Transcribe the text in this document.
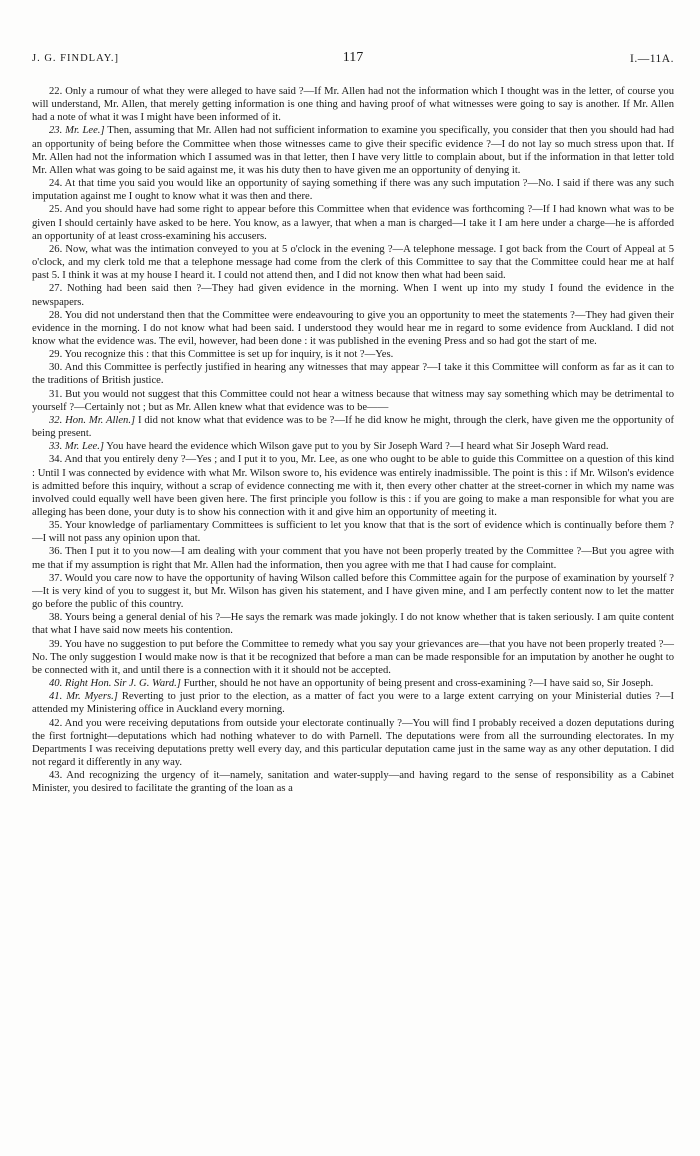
J. G. FINDLAY.]	117	I.—11A.

22. Only a rumour of what they were alleged to have said ?—If Mr. Allen had not the information which I thought was in the letter, of course you will understand, Mr. Allen, that merely getting information is one thing and having proof of what witnesses were going to say is another. If Mr. Allen had a note of what it was I might have been informed of it.

23. Mr. Lee.] Then, assuming that Mr. Allen had not sufficient information to examine you specifically, you consider that then you should had had an opportunity of being before the Committee when those witnesses came to give their specific evidence ?—I do not lay so much stress upon that. If Mr. Allen had not the information which I assumed was in that letter, then I have very little to complain about, but if the information in that letter told Mr. Allen what was going to be said against me, it was his duty then to have given me an opportunity of denying it.

24. At that time you said you would like an opportunity of saying something if there was any such imputation ?—No. I said if there was any such imputation against me I ought to know what it was then and there.

25. And you should have had some right to appear before this Committee when that evidence was forthcoming ?—If I had known what was to be given I should certainly have asked to be here. You know, as a lawyer, that when a man is charged—I take it I am here under a charge—he is afforded an opportunity of at least cross-examining his accusers.

26. Now, what was the intimation conveyed to you at 5 o'clock in the evening ?—A telephone message. I got back from the Court of Appeal at 5 o'clock, and my clerk told me that a telephone message had come from the clerk of this Committee to say that the Committee could hear me at half past 5. I think it was at my house I heard it. I could not attend then, and I did not know then what had been said.

27. Nothing had been said then ?—They had given evidence in the morning. When I went up into my study I found the evidence in the newspapers.

28. You did not understand then that the Committee were endeavouring to give you an opportunity to meet the statements ?—They had given their evidence in the morning. I do not know what had been said. I understood they would hear me in regard to some evidence from Auckland. I did not know what the evidence was. The evil, however, had been done : it was published in the evening Press and so had got the start of me.

29. You recognize this : that this Committee is set up for inquiry, is it not ?—Yes.

30. And this Committee is perfectly justified in hearing any witnesses that may appear ?—I take it this Committee will conform as far as it can to the traditions of British justice.

31. But you would not suggest that this Committee could not hear a witness because that witness may say something which may be detrimental to yourself ?—Certainly not ; but as Mr. Allen knew what that evidence was to be——

32. Hon. Mr. Allen.] I did not know what that evidence was to be ?—If he did know he might, through the clerk, have given me the opportunity of being present.

33. Mr. Lee.] You have heard the evidence which Wilson gave put to you by Sir Joseph Ward ?—I heard what Sir Joseph Ward read.

34. And that you entirely deny ?—Yes ; and I put it to you, Mr. Lee, as one who ought to be able to guide this Committee on a question of this kind : Until I was connected by evidence with what Mr. Wilson swore to, his evidence was entirely inadmissible. The point is this : if Mr. Wilson's evidence is admitted before this inquiry, without a scrap of evidence connecting me with it, then every other chatter at the street-corner in which my name was involved could equally well have been given here. The first principle you follow is this : if you are going to make a man responsible for what you are alleging has been done, your duty is to show his connection with it and give him an opportunity of meeting it.

35. Your knowledge of parliamentary Committees is sufficient to let you know that that is the sort of evidence which is continually before them ?—I will not pass any opinion upon that.

36. Then I put it to you now—I am dealing with your comment that you have not been properly treated by the Committee ?—But you agree with me that if my assumption is right that Mr. Allen had the information, then you agree with me that I had cause for complaint.

37. Would you care now to have the opportunity of having Wilson called before this Committee again for the purpose of examination by yourself ?—It is very kind of you to suggest it, but Mr. Wilson has given his statement, and I have given mine, and I am perfectly content now to let the matter go before the public of this country.

38. Yours being a general denial of his ?—He says the remark was made jokingly. I do not know whether that is taken seriously. I am quite content that what I have said now meets his contention.

39. You have no suggestion to put before the Committee to remedy what you say your grievances are—that you have not been properly treated ?—No. The only suggestion I would make now is that it be recognized that before a man can be made responsible for an imputation by another he ought to be connected with it, and until there is a connection with it it should not be accepted.

40. Right Hon. Sir J. G. Ward.] Further, should he not have an opportunity of being present and cross-examining ?—I have said so, Sir Joseph.

41. Mr. Myers.] Reverting to just prior to the election, as a matter of fact you were to a large extent carrying on your Ministerial duties ?—I attended my Ministering office in Auckland every morning.

42. And you were receiving deputations from outside your electorate continually ?—You will find I probably received a dozen deputations during the first fortnight—deputations which had nothing whatever to do with Parnell. The deputations were from all the surrounding electorates. In my Departments I was receiving deputations pretty well every day, and this particular deputation came just in the same way as any other deputation. I did not regard it differently in any way.

43. And recognizing the urgency of it—namely, sanitation and water-supply—and having regard to the sense of responsibility as a Cabinet Minister, you desired to facilitate the granting of the loan as a
